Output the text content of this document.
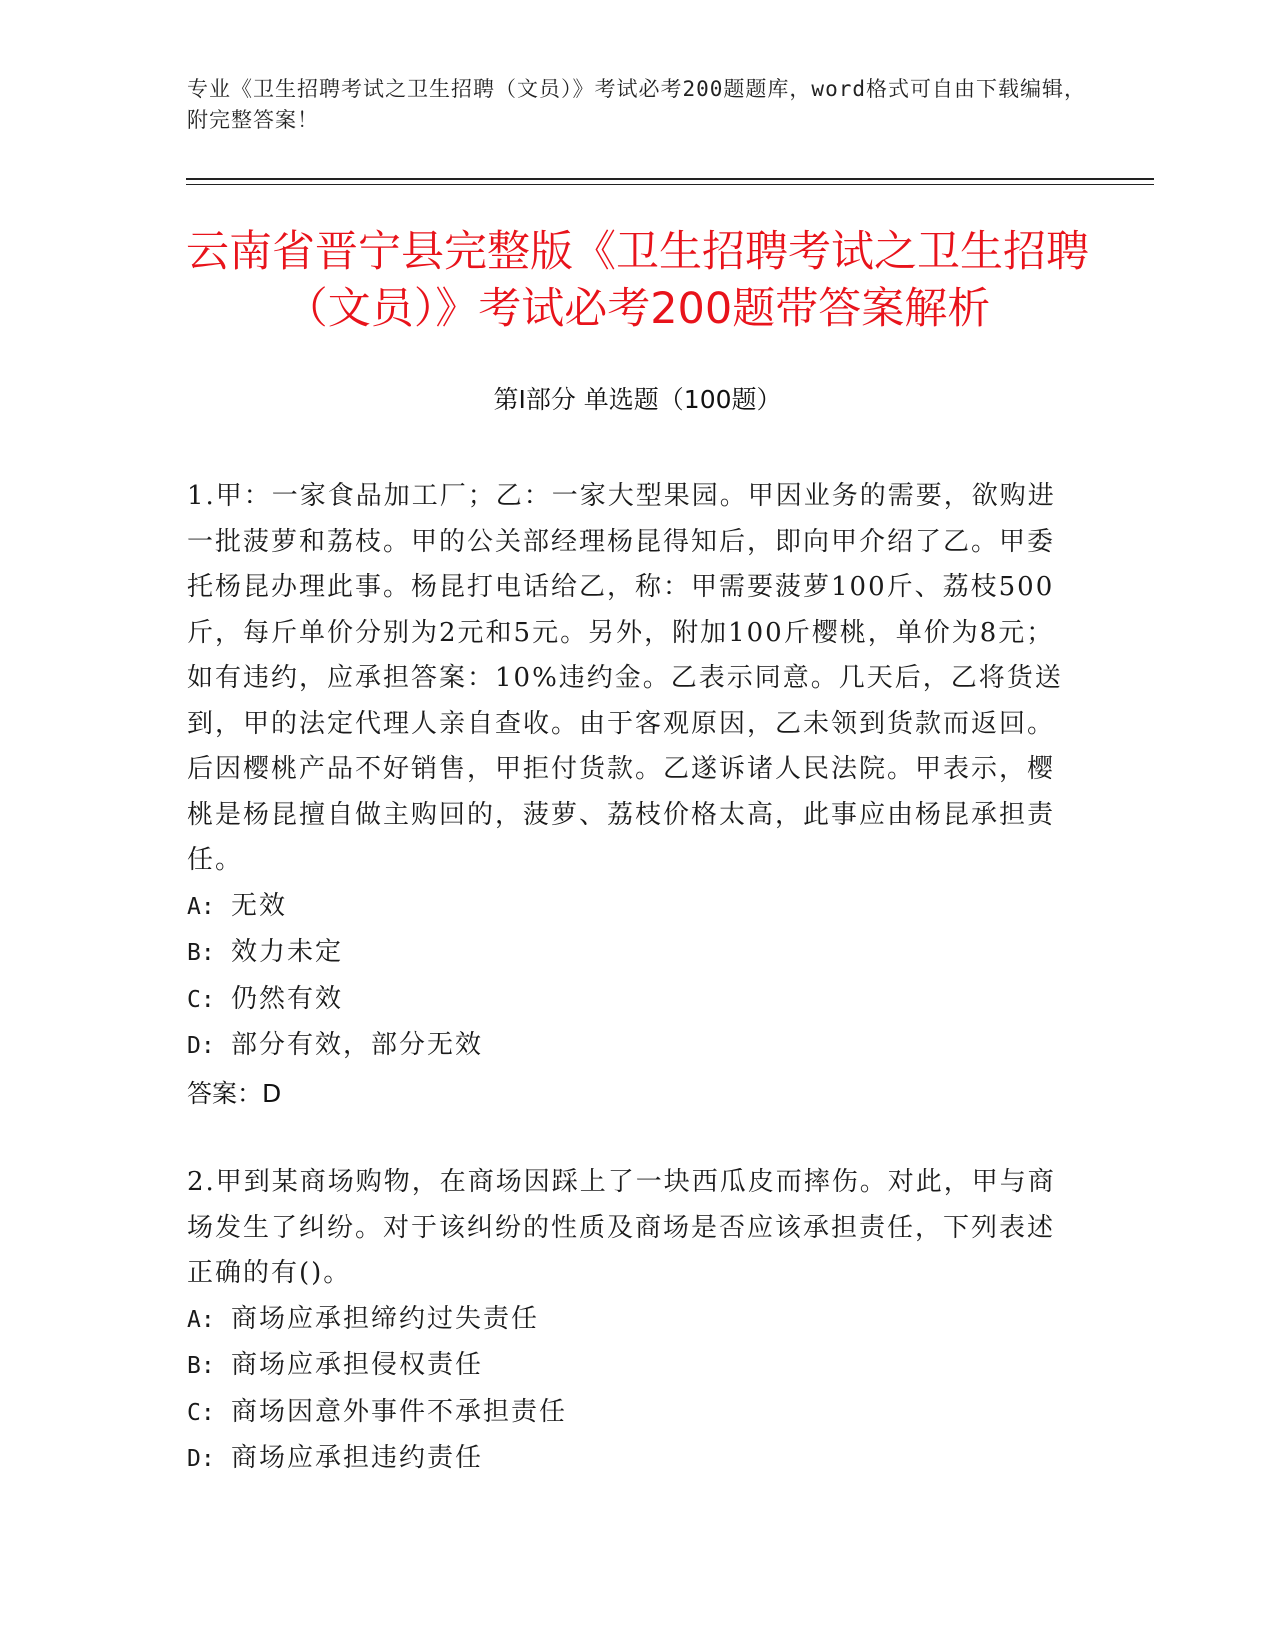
专业《卫生招聘考试之卫生招聘（文员）》考试必考200题题库，word格式可自由下载编辑，附完整答案！
云南省晋宁县完整版《卫生招聘考试之卫生招聘（文员）》考试必考200题带答案解析
第I部分 单选题（100题）

1.甲：一家食品加工厂；乙：一家大型果园。甲因业务的需要，欲购进一批菠萝和荔枝。甲的公关部经理杨昆得知后，即向甲介绍了乙。甲委托杨昆办理此事。杨昆打电话给乙，称：甲需要菠萝100斤、荔枝500斤，每斤单价分别为2元和5元。另外，附加100斤樱桃，单价为8元；如有违约，应承担答案：10%违约金。乙表示同意。几天后，乙将货送到，甲的法定代理人亲自查收。由于客观原因，乙未领到货款而返回。后因樱桃产品不好销售，甲拒付货款。乙遂诉诸人民法院。甲表示，樱桃是杨昆擅自做主购回的，菠萝、荔枝价格太高，此事应由杨昆承担责任。

A: 无效

B: 效力未定

C: 仍然有效

D: 部分有效，部分无效

答案：D

2.甲到某商场购物，在商场因踩上了一块西瓜皮而摔伤。对此，甲与商场发生了纠纷。对于该纠纷的性质及商场是否应该承担责任，下列表述正确的有()。

A: 商场应承担缔约过失责任

B: 商场应承担侵权责任

C: 商场因意外事件不承担责任

D: 商场应承担违约责任
